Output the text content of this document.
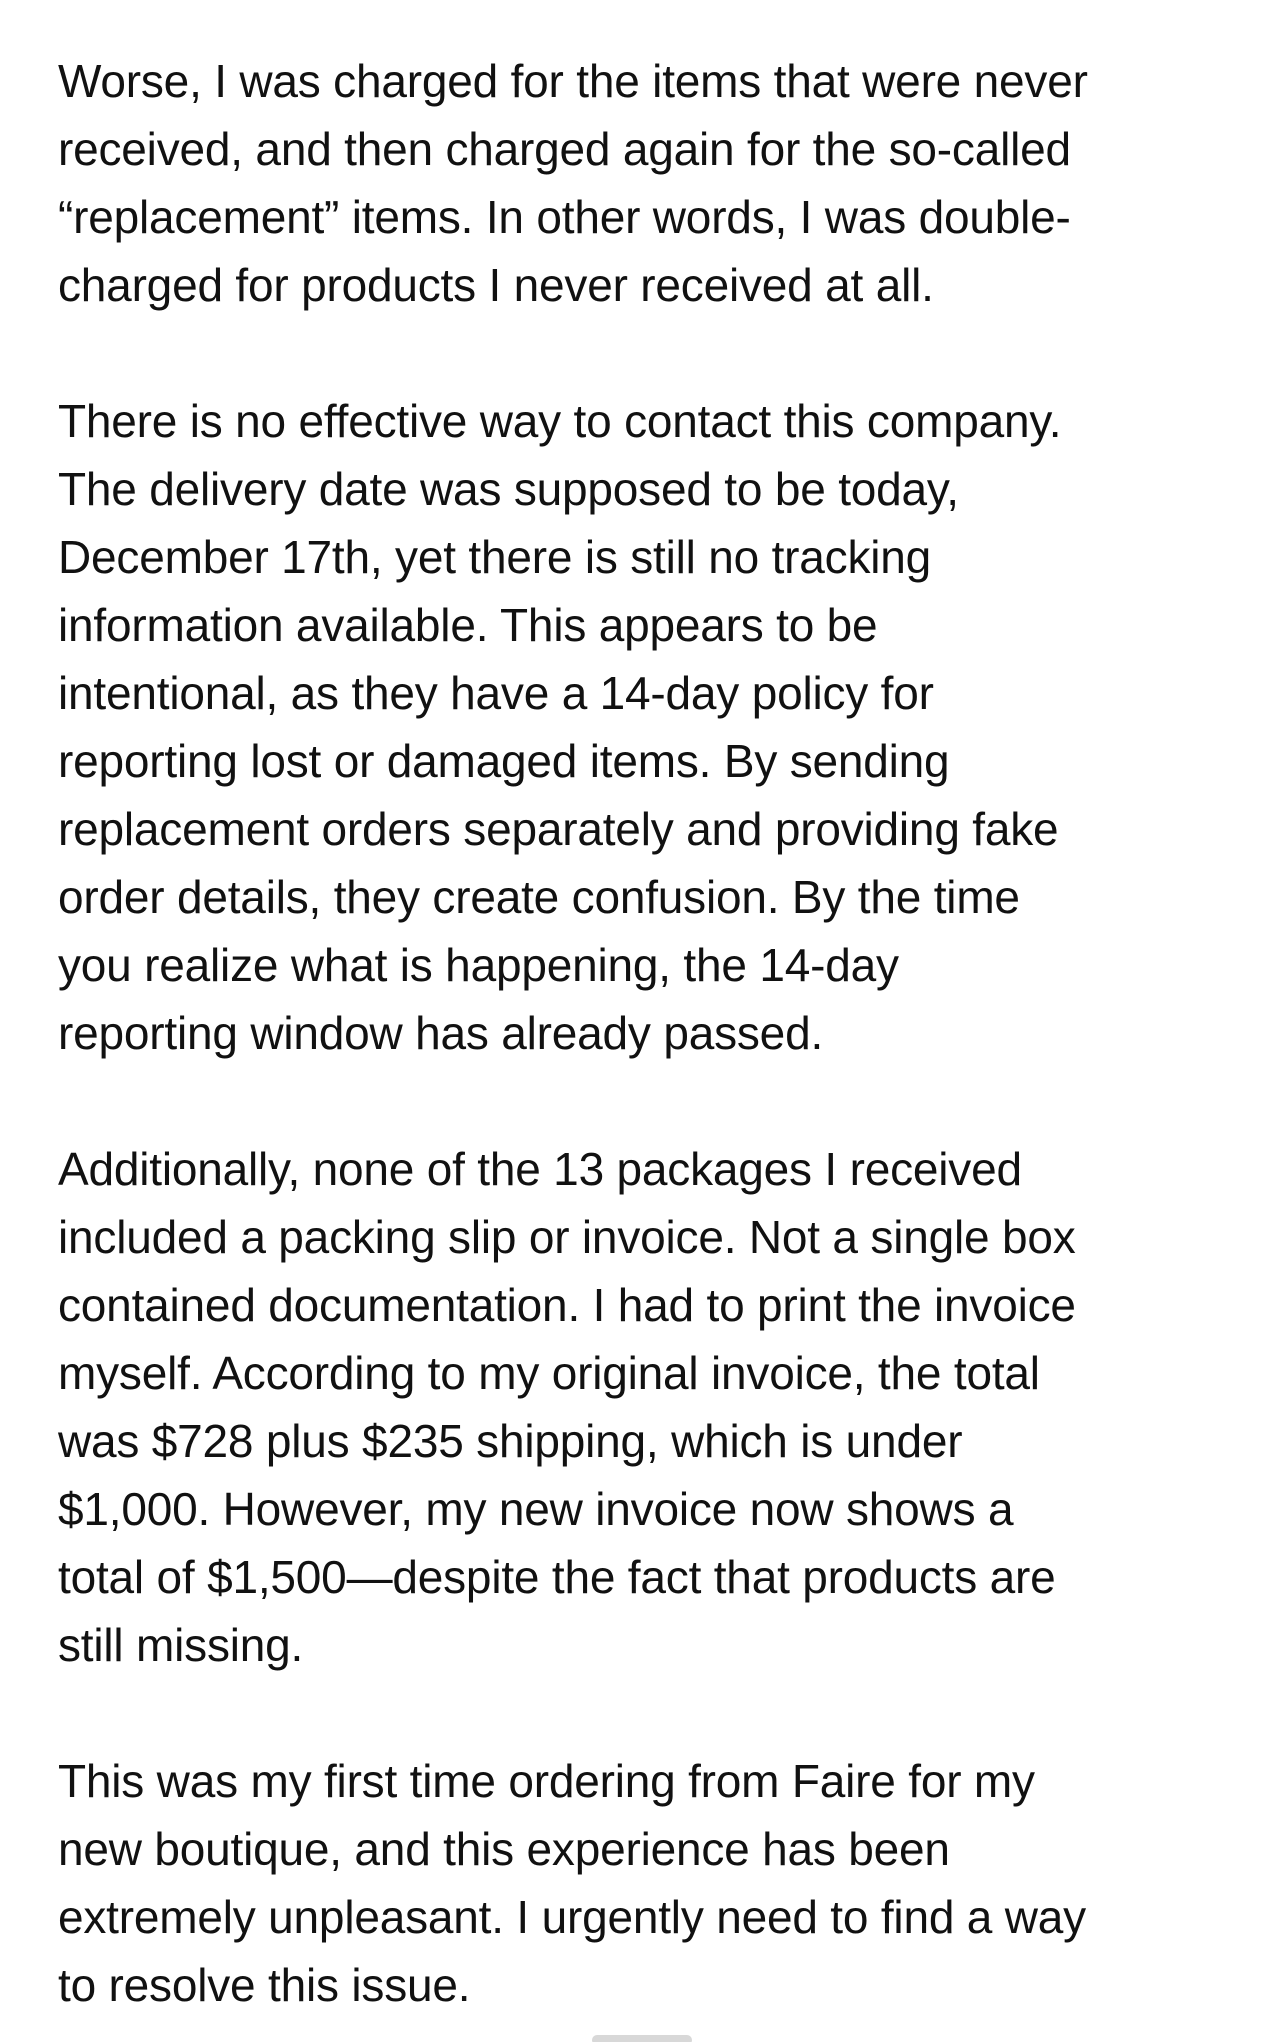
Worse, I was charged for the items that were never
received, and then charged again for the so-called
“replacement” items. In other words, I was double-
charged for products I never received at all.
There is no effective way to contact this company.
The delivery date was supposed to be today,
December 17th, yet there is still no tracking
information available. This appears to be
intentional, as they have a 14-day policy for
reporting lost or damaged items. By sending
replacement orders separately and providing fake
order details, they create confusion. By the time
you realize what is happening, the 14-day
reporting window has already passed.
Additionally, none of the 13 packages I received
included a packing slip or invoice. Not a single box
contained documentation. I had to print the invoice
myself. According to my original invoice, the total
was $728 plus $235 shipping, which is under
$1,000. However, my new invoice now shows a
total of $1,500—despite the fact that products are
still missing.
This was my first time ordering from Faire for my
new boutique, and this experience has been
extremely unpleasant. I urgently need to find a way
to resolve this issue.
